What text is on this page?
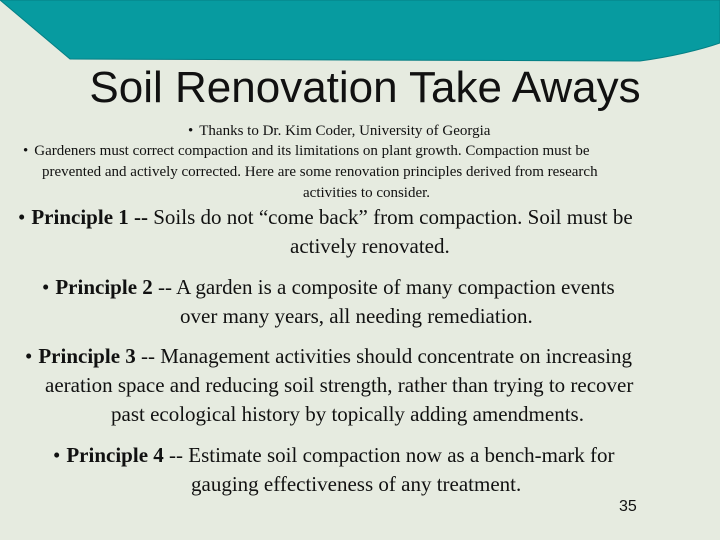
Soil Renovation Take Aways
• Thanks to Dr. Kim Coder, University of Georgia
• Gardeners must correct compaction and its limitations on plant growth. Compaction must be
prevented and actively corrected. Here are some renovation principles derived from research
activities to consider.
• Principle 1 -- Soils do not “come back” from compaction. Soil must be
actively renovated.
• Principle 2 -- A garden is a composite of many compaction events
over many years, all needing remediation.
• Principle 3 -- Management activities should concentrate on increasing
aeration space and reducing soil strength, rather than trying to recover
past ecological history by topically adding amendments.
• Principle 4 -- Estimate soil compaction now as a bench-mark for
gauging effectiveness of any treatment.
35
